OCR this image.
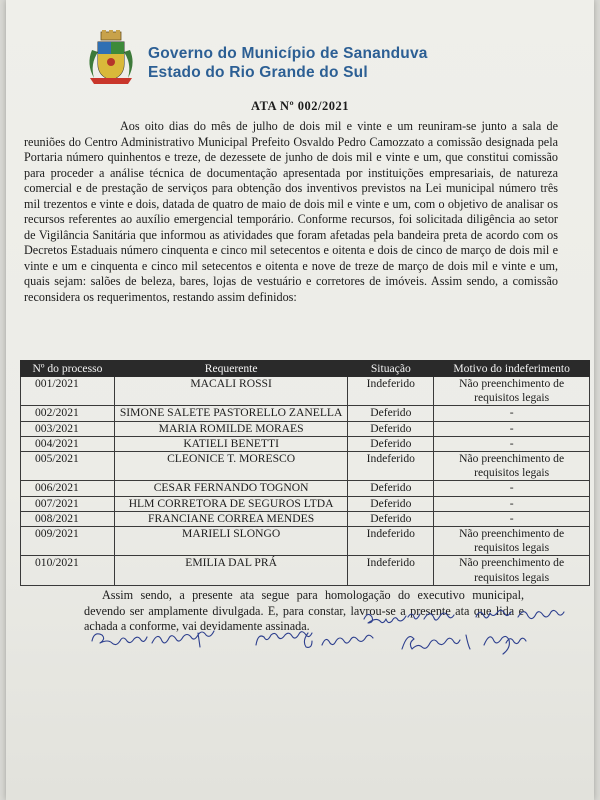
Governo do Município de Sananduva
Estado do Rio Grande do Sul
ATA Nº 002/2021
Aos oito dias do mês de julho de dois mil e vinte e um reuniram-se junto a sala de reuniões do Centro Administrativo Municipal Prefeito Osvaldo Pedro Camozzato a comissão designada pela Portaria número quinhentos e treze, de dezessete de junho de dois mil e vinte e um, que constitui comissão para proceder a análise técnica de documentação apresentada por instituições empresariais, de natureza comercial e de prestação de serviços para obtenção dos inventivos previstos na Lei municipal número três mil trezentos e vinte e dois, datada de quatro de maio de dois mil e vinte e um, com o objetivo de analisar os recursos referentes ao auxílio emergencial temporário. Conforme recursos, foi solicitada diligência ao setor de Vigilância Sanitária que informou as atividades que foram afetadas pela bandeira preta de acordo com os Decretos Estaduais número cinquenta e cinco mil setecentos e oitenta e dois de cinco de março de dois mil e vinte e um e cinquenta e cinco mil setecentos e oitenta e nove de treze de março de dois mil e vinte e um, quais sejam: salões de beleza, bares, lojas de vestuário e corretores de imóveis. Assim sendo, a comissão reconsidera os requerimentos, restando assim definidos:
Nº do processo	Requerente	Situação	Motivo do indeferimento
001/2021	MACALI ROSSI	Indeferido	Não preenchimento de requisitos legais
002/2021	SIMONE SALETE PASTORELLO ZANELLA	Deferido	-
003/2021	MARIA ROMILDE MORAES	Deferido	-
004/2021	KATIELI BENETTI	Deferido	-
005/2021	CLEONICE T. MORESCO	Indeferido	Não preenchimento de requisitos legais
006/2021	CESAR FERNANDO TOGNON	Deferido	-
007/2021	HLM CORRETORA DE SEGUROS LTDA	Deferido	-
008/2021	FRANCIANE CORREA MENDES	Deferido	-
009/2021	MARIELI SLONGO	Indeferido	Não preenchimento de requisitos legais
010/2021	EMILIA DAL PRÁ	Indeferido	Não preenchimento de requisitos legais
Assim sendo, a presente ata segue para homologação do executivo municipal, devendo ser amplamente divulgada. E, para constar, lavrou-se a presente ata que lida e achada a conforme, vai devidamente assinada.
